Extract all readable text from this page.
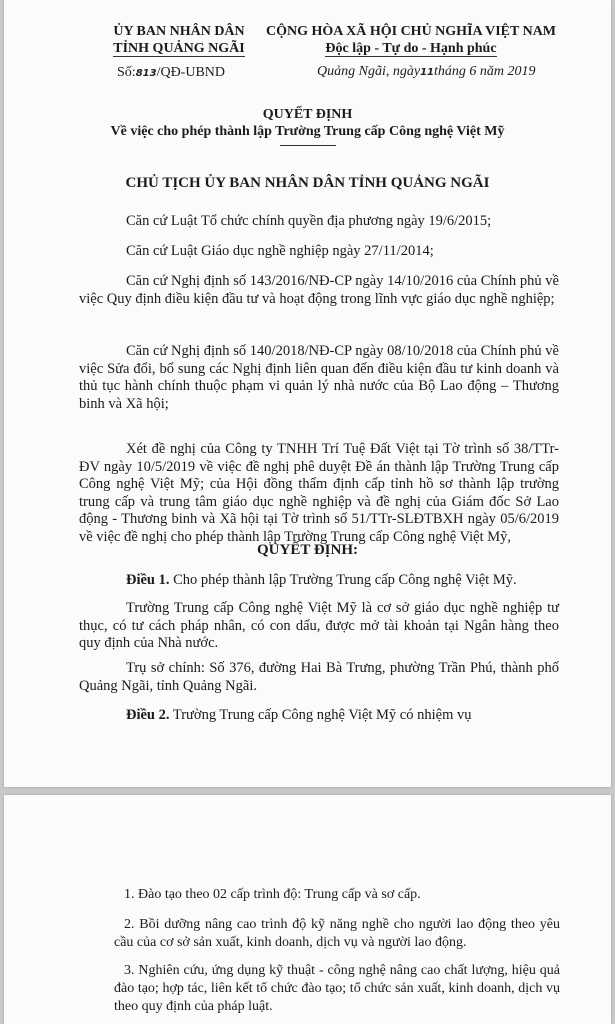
ỦY BAN NHÂN DÂN
TỈNH QUẢNG NGÃI
Số:813/QĐ-UBND
CỘNG HÒA XÃ HỘI CHỦ NGHĨA VIỆT NAM
Độc lập - Tự do - Hạnh phúc
Quảng Ngãi, ngày11tháng 6 năm 2019
QUYẾT ĐỊNH
Về việc cho phép thành lập Trường Trung cấp Công nghệ Việt Mỹ
CHỦ TỊCH ỦY BAN NHÂN DÂN TỈNH QUẢNG NGÃI
Căn cứ Luật Tổ chức chính quyền địa phương ngày 19/6/2015;
Căn cứ Luật Giáo dục nghề nghiệp ngày 27/11/2014;
Căn cứ Nghị định số 143/2016/NĐ-CP ngày 14/10/2016 của Chính phủ về việc Quy định điều kiện đầu tư và hoạt động trong lĩnh vực giáo dục nghề nghiệp;
Căn cứ Nghị định số 140/2018/NĐ-CP ngày 08/10/2018 của Chính phủ về việc Sửa đổi, bổ sung các Nghị định liên quan đến điều kiện đầu tư kinh doanh và thủ tục hành chính thuộc phạm vi quản lý nhà nước của Bộ Lao động – Thương binh và Xã hội;
Xét đề nghị của Công ty TNHH Trí Tuệ Đất Việt tại Tờ trình số 38/TTr-ĐV ngày 10/5/2019 về việc đề nghị phê duyệt Đề án thành lập Trường Trung cấp Công nghệ Việt Mỹ; của Hội đồng thẩm định cấp tỉnh hồ sơ thành lập trường trung cấp và trung tâm giáo dục nghề nghiệp và đề nghị của Giám đốc Sở Lao động - Thương binh và Xã hội tại Tờ trình số 51/TTr-SLĐTBXH ngày 05/6/2019 về việc đề nghị cho phép thành lập Trường Trung cấp Công nghệ Việt Mỹ,
QUYẾT ĐỊNH:
Điều 1. Cho phép thành lập Trường Trung cấp Công nghệ Việt Mỹ.
Trường Trung cấp Công nghệ Việt Mỹ là cơ sở giáo dục nghề nghiệp tư thục, có tư cách pháp nhân, có con dấu, được mở tài khoản tại Ngân hàng theo quy định của Nhà nước.
Trụ sở chính: Số 376, đường Hai Bà Trưng, phường Trần Phú, thành phố Quảng Ngãi, tỉnh Quảng Ngãi.
Điều 2. Trường Trung cấp Công nghệ Việt Mỹ có nhiệm vụ
1. Đào tạo theo 02 cấp trình độ: Trung cấp và sơ cấp.
2. Bồi dưỡng nâng cao trình độ kỹ năng nghề cho người lao động theo yêu cầu của cơ sở sản xuất, kinh doanh, dịch vụ và người lao động.
3. Nghiên cứu, ứng dụng kỹ thuật - công nghệ nâng cao chất lượng, hiệu quả đào tạo; hợp tác, liên kết tổ chức đào tạo; tổ chức sản xuất, kinh doanh, dịch vụ theo quy định của pháp luật.
